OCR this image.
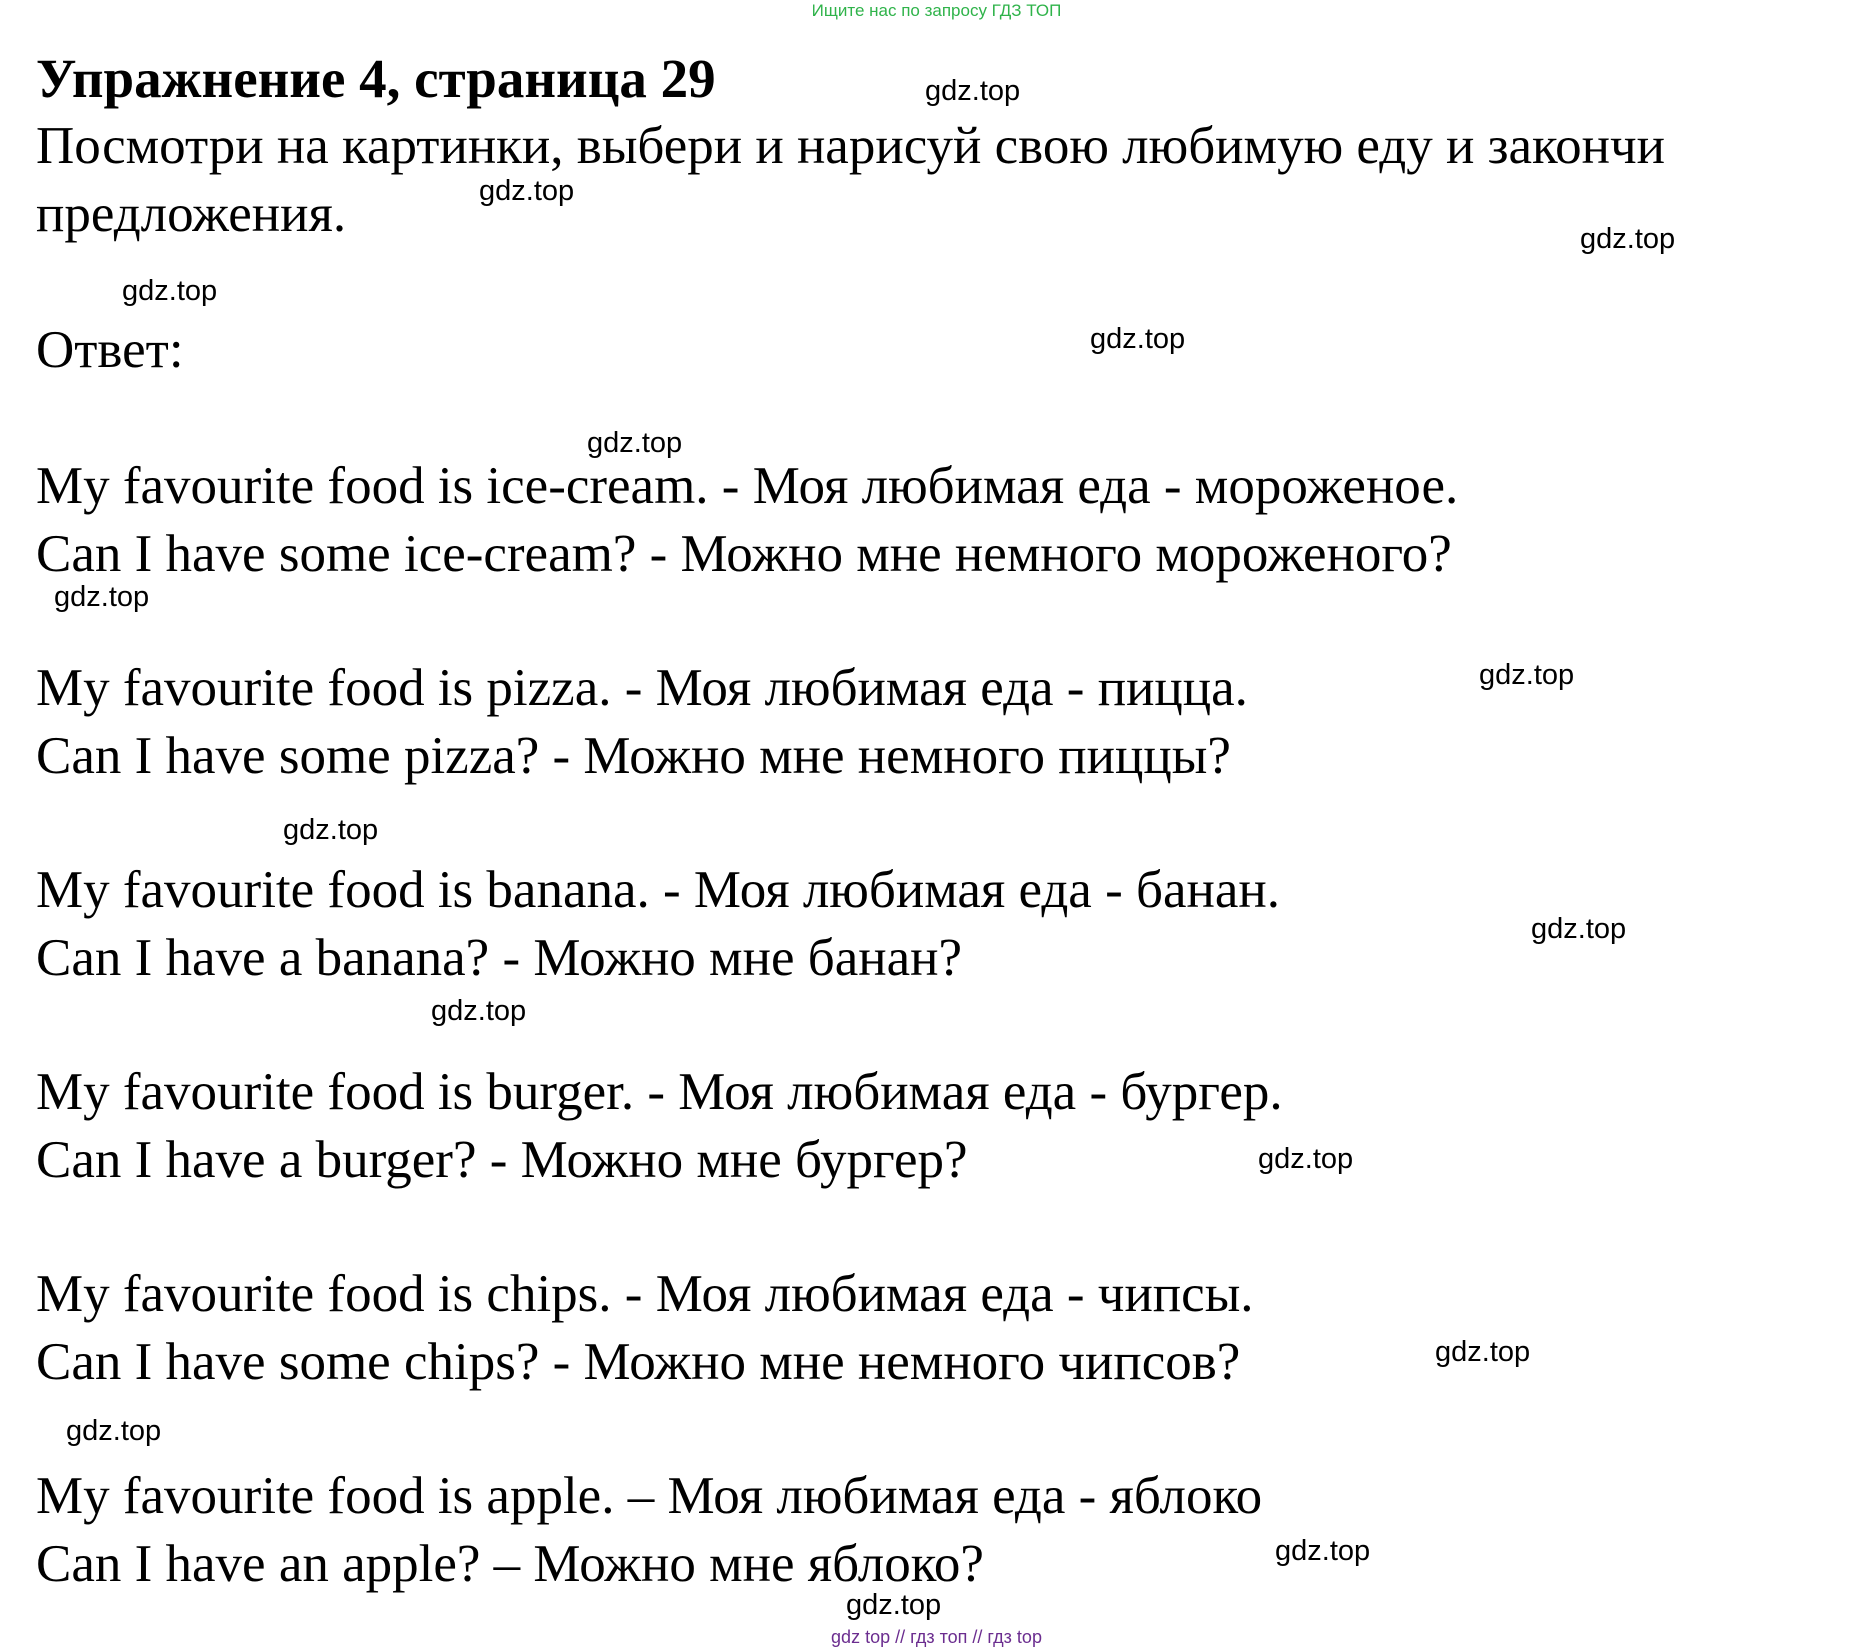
Ищите нас по запросу ГДЗ ТОП
Упражнение 4, страница 29
Посмотри на картинки, выбери и нарисуй свою любимую еду и закончи предложения.
Ответ:
My favourite food is ice-cream. - Моя любимая еда - мороженое.
Can I have some ice-cream? - Можно мне немного мороженого?
My favourite food is pizza. - Моя любимая еда - пицца.
Can I have some pizza? - Можно мне немного пиццы?
My favourite food is banana. - Моя любимая еда - банан.
Can I have a banana? - Можно мне банан?
My favourite food is burger. - Моя любимая еда - бургер.
Can I have a burger? - Можно мне бургер?
My favourite food is chips. - Моя любимая еда - чипсы.
Can I have some chips? - Можно мне немного чипсов?
My favourite food is apple. – Моя любимая еда - яблоко
Can I have an apple? – Можно мне яблоко?
gdz.top
gdz.top
gdz.top
gdz.top
gdz.top
gdz.top
gdz.top
gdz.top
gdz.top
gdz.top
gdz.top
gdz.top
gdz.top
gdz.top
gdz.top
gdz.top
gdz top // гдз топ // гдз top
